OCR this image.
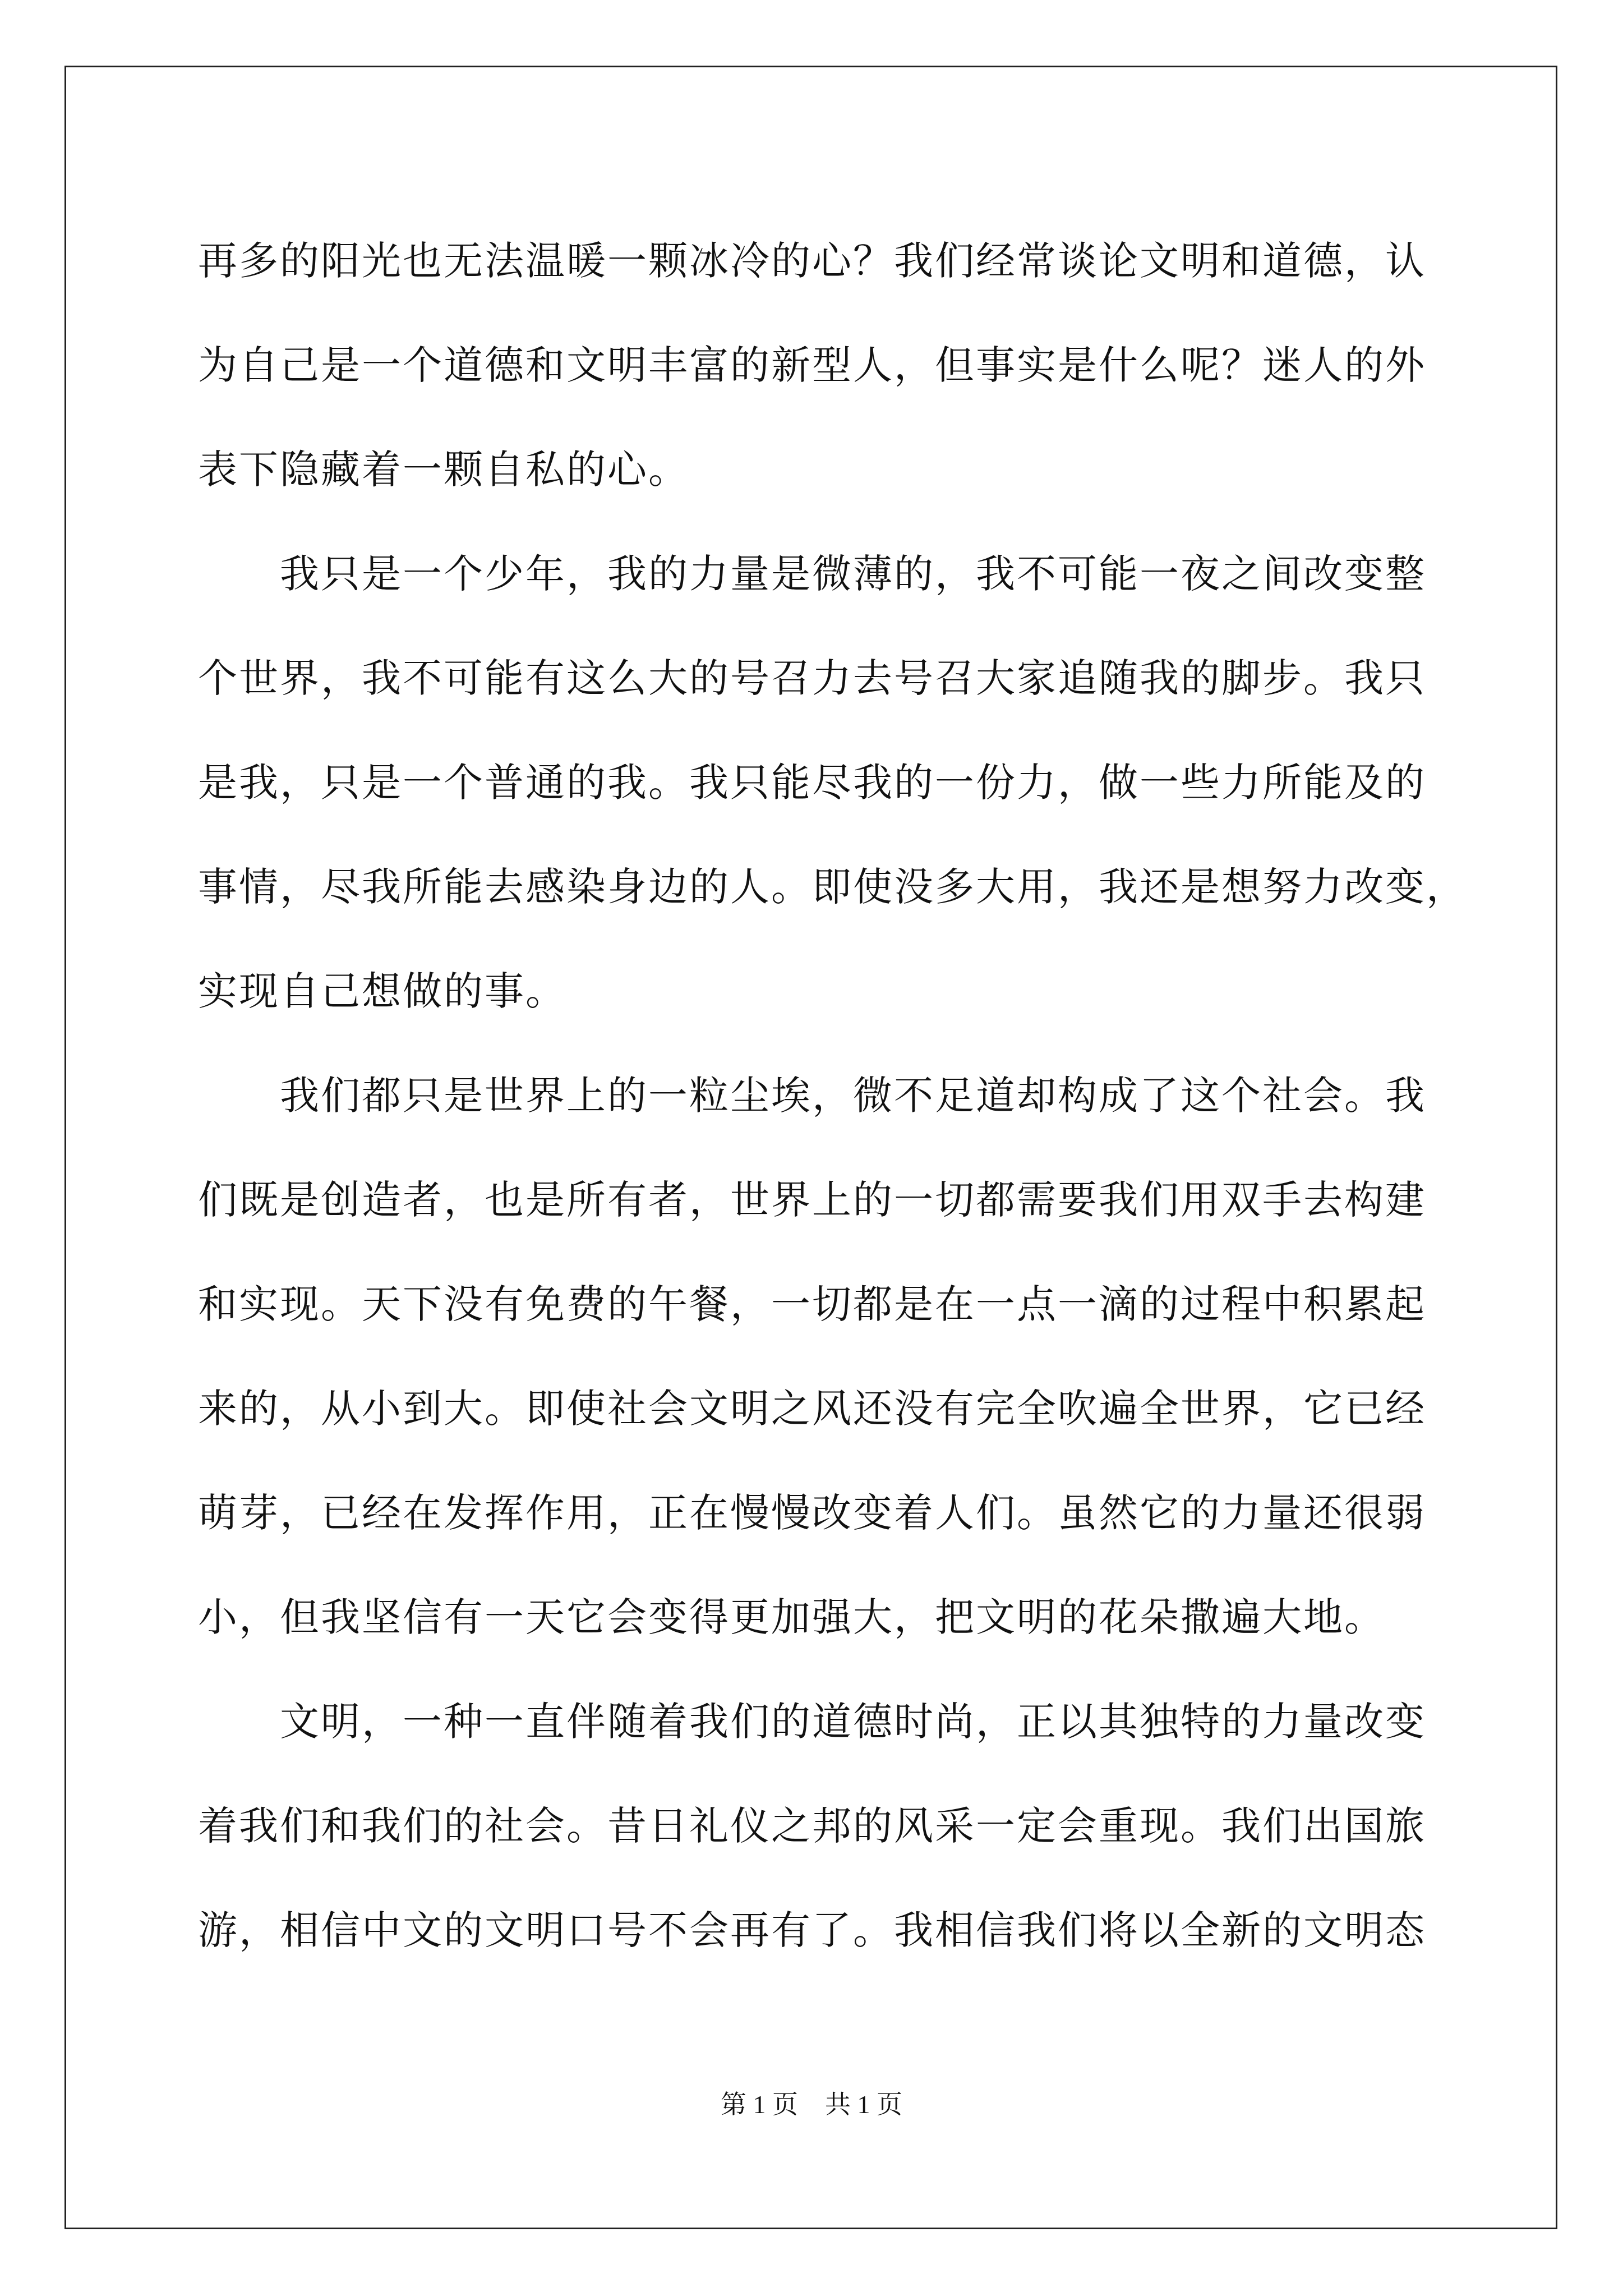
再多的阳光也无法温暖一颗冰冷的心？我们经常谈论文明和道德，认
为自己是一个道德和文明丰富的新型人，但事实是什么呢？迷人的外
表下隐藏着一颗自私的心。
　　我只是一个少年，我的力量是微薄的，我不可能一夜之间改变整
个世界，我不可能有这么大的号召力去号召大家追随我的脚步。我只
是我，只是一个普通的我。我只能尽我的一份力，做一些力所能及的
事情，尽我所能去感染身边的人。即使没多大用，我还是想努力改变，
实现自己想做的事。
　　我们都只是世界上的一粒尘埃，微不足道却构成了这个社会。我
们既是创造者，也是所有者，世界上的一切都需要我们用双手去构建
和实现。天下没有免费的午餐，一切都是在一点一滴的过程中积累起
来的，从小到大。即使社会文明之风还没有完全吹遍全世界，它已经
萌芽，已经在发挥作用，正在慢慢改变着人们。虽然它的力量还很弱
小，但我坚信有一天它会变得更加强大，把文明的花朵撒遍大地。
　　文明，一种一直伴随着我们的道德时尚，正以其独特的力量改变
着我们和我们的社会。昔日礼仪之邦的风采一定会重现。我们出国旅
游，相信中文的文明口号不会再有了。我相信我们将以全新的文明态
第 1 页 共 1 页
